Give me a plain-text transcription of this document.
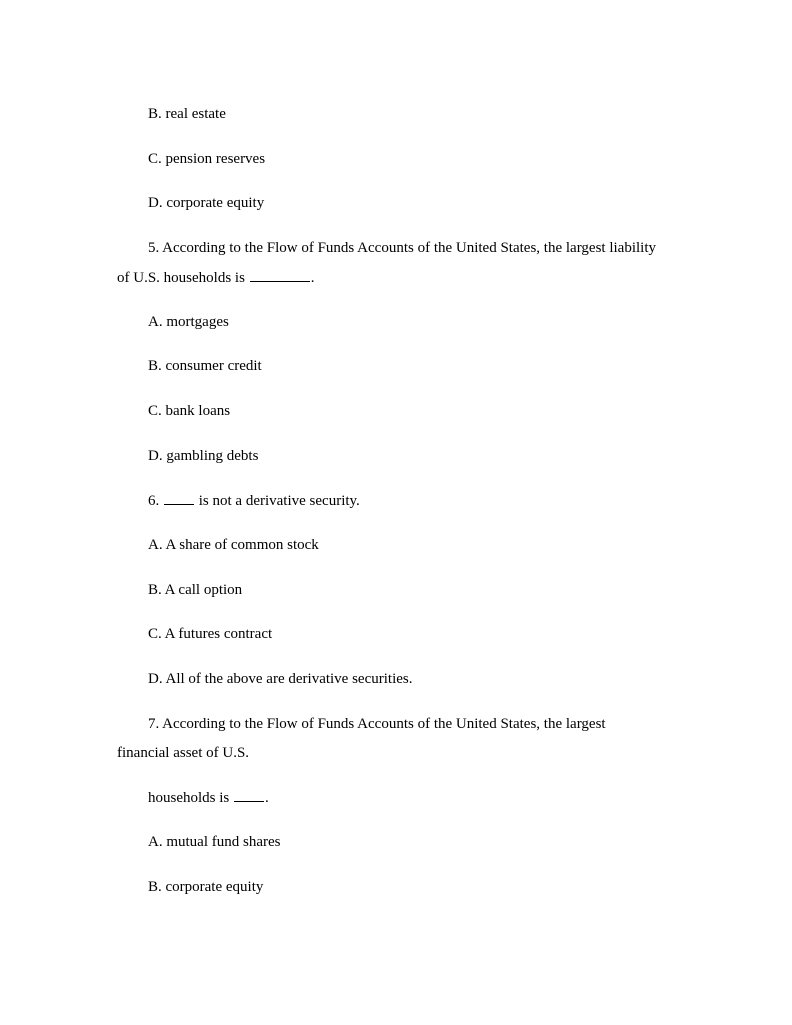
B. real estate
C. pension reserves
D. corporate equity
5. According to the Flow of Funds Accounts of the United States, the largest liability
of U.S. households is	.
A. mortgages
B. consumer credit
C. bank loans
D. gambling debts
6.  is not a derivative security.
A. A share of common stock
B. A call option
C. A futures contract
D. All of the above are derivative securities.
7. According to the Flow of Funds Accounts of the United States, the largest
financial asset of U.S.
households is .
A. mutual fund shares
B. corporate equity
